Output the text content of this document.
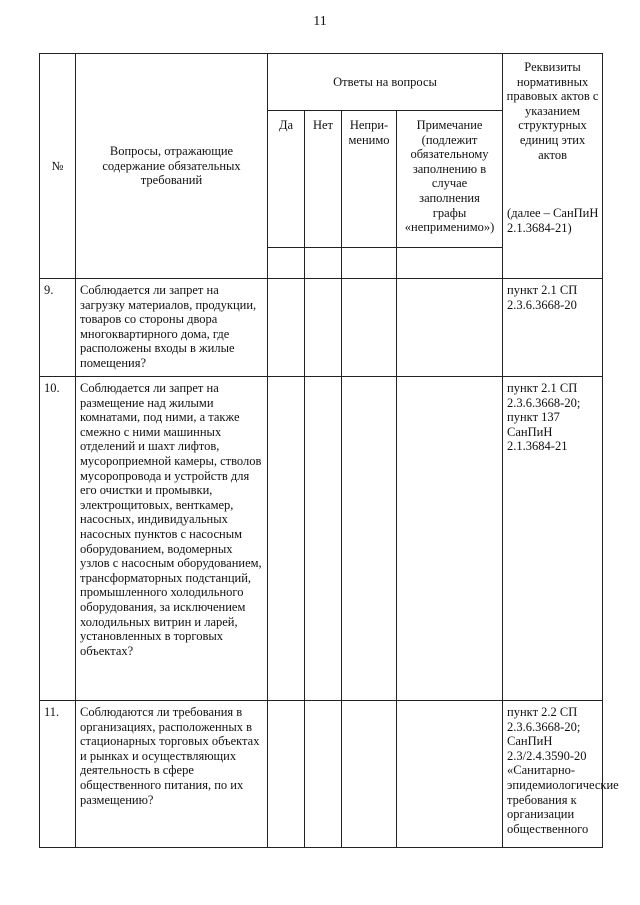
11
№	Вопросы, отражающие содержание обязательных требований	Ответы на вопросы				Реквизиты нормативных правовых актов с указанием структурных единиц этих актов
(далее – СанПиН 2.1.3684-21)

		Да	Нет	Непри-менимо	Примечание (подлежит обязательному заполнению в случае заполнения графы «неприменимо»)	

9.	Соблюдается ли запрет на загрузку материалов, продукции, товаров со стороны двора многоквартирного дома, где расположены входы в жилые помещения?					пункт 2.1 СП 2.3.6.3668-20
10.	Соблюдается ли запрет на размещение над жилыми комнатами, под ними, а также смежно с ними машинных отделений и шахт лифтов, мусороприемной камеры, стволов мусоропровода и устройств для его очистки и промывки, электрощитовых, венткамер, насосных, индивидуальных насосных пунктов с насосным оборудованием, водомерных узлов с насосным оборудованием, трансформаторных подстанций, промышленного холодильного оборудования, за исключением холодильных витрин и ларей, установленных в торговых объектах?					пункт 2.1 СП 2.3.6.3668-20; пункт 137 СанПиН 2.1.3684-21
11.	Соблюдаются ли требования в организациях, расположенных в стационарных торговых объектах и рынках и осуществляющих деятельность в сфере общественного питания, по их размещению?					пункт 2.2 СП 2.3.6.3668-20; СанПиН 2.3/2.4.3590-20 «Санитарно-эпидемиологические требования к организации общественного
